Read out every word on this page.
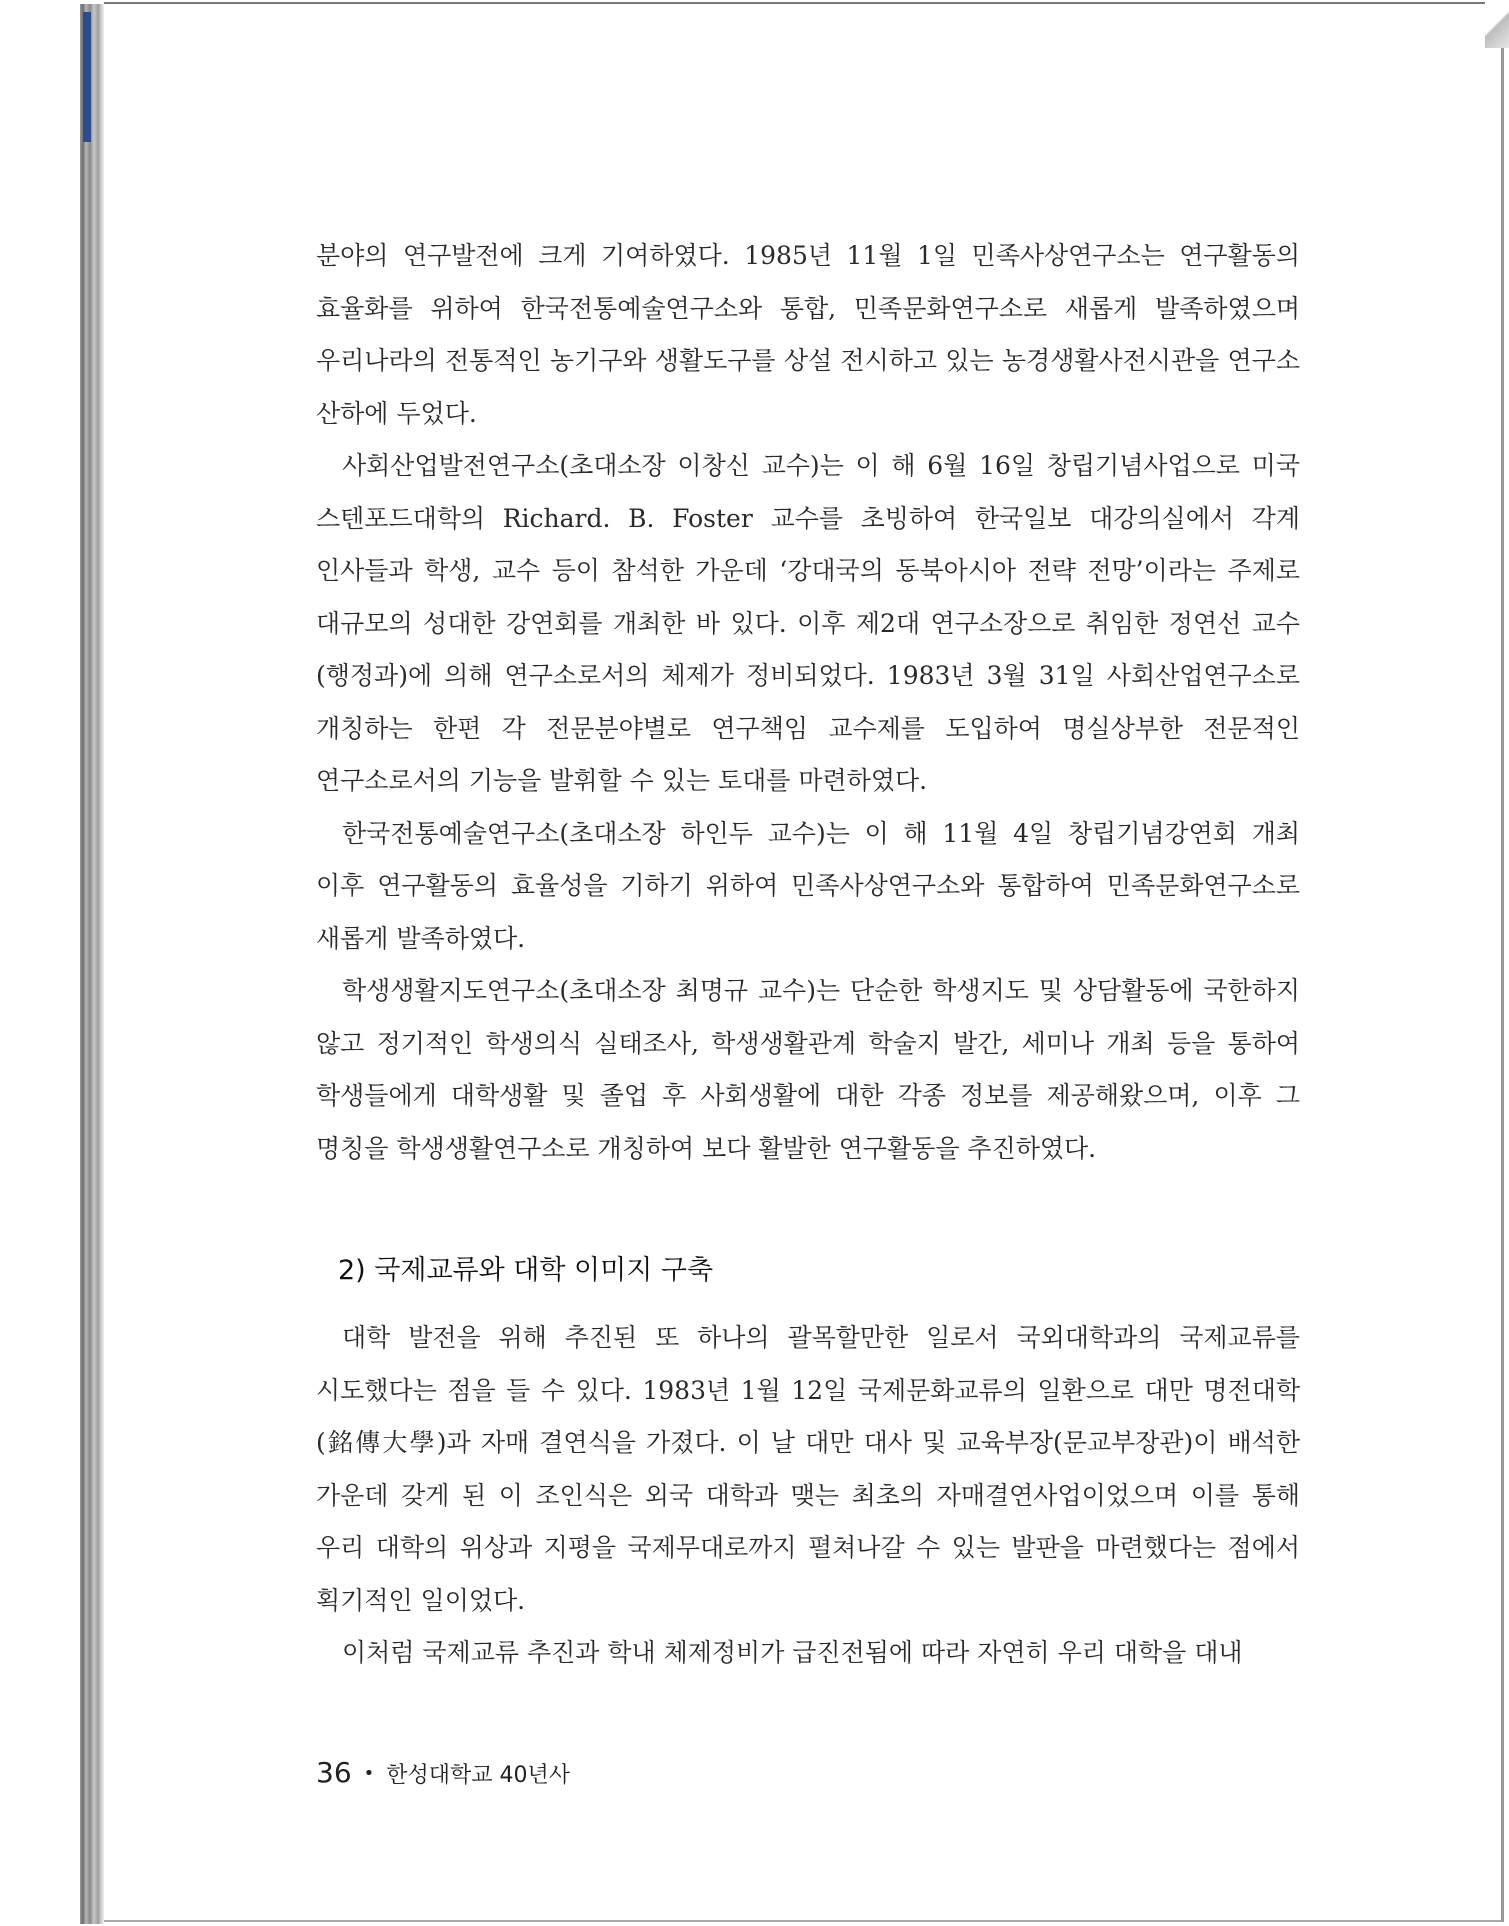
분야의 연구발전에 크게 기여하였다. 1985년 11월 1일 민족사상연구소는 연구활동의 효율화를 위하여 한국전통예술연구소와 통합, 민족문화연구소로 새롭게 발족하였으며 우리나라의 전통적인 농기구와 생활도구를 상설 전시하고 있는 농경생활사전시관을 연구소 산하에 두었다.

사회산업발전연구소(초대소장 이창신 교수)는 이 해 6월 16일 창립기념사업으로 미국 스텐포드대학의 Richard. B. Foster 교수를 초빙하여 한국일보 대강의실에서 각계 인사들과 학생, 교수 등이 참석한 가운데 ‘강대국의 동북아시아 전략 전망’이라는 주제로 대규모의 성대한 강연회를 개최한 바 있다. 이후 제2대 연구소장으로 취임한 정연선 교수(행정과)에 의해 연구소로서의 체제가 정비되었다. 1983년 3월 31일 사회산업연구소로 개칭하는 한편 각 전문분야별로 연구책임 교수제를 도입하여 명실상부한 전문적인 연구소로서의 기능을 발휘할 수 있는 토대를 마련하였다.

한국전통예술연구소(초대소장 하인두 교수)는 이 해 11월 4일 창립기념강연회 개최 이후 연구활동의 효율성을 기하기 위하여 민족사상연구소와 통합하여 민족문화연구소로 새롭게 발족하였다.

학생생활지도연구소(초대소장 최명규 교수)는 단순한 학생지도 및 상담활동에 국한하지 않고 정기적인 학생의식 실태조사, 학생생활관계 학술지 발간, 세미나 개최 등을 통하여 학생들에게 대학생활 및 졸업 후 사회생활에 대한 각종 정보를 제공해왔으며, 이후 그 명칭을 학생생활연구소로 개칭하여 보다 활발한 연구활동을 추진하였다.

2) 국제교류와 대학 이미지 구축

대학 발전을 위해 추진된 또 하나의 괄목할만한 일로서 국외대학과의 국제교류를 시도했다는 점을 들 수 있다. 1983년 1월 12일 국제문화교류의 일환으로 대만 명전대학(銘傳大學)과 자매 결연식을 가졌다. 이 날 대만 대사 및 교육부장(문교부장관)이 배석한 가운데 갖게 된 이 조인식은 외국 대학과 맺는 최초의 자매결연사업이었으며 이를 통해 우리 대학의 위상과 지평을 국제무대로까지 펼쳐나갈 수 있는 발판을 마련했다는 점에서 획기적인 일이었다.

이처럼 국제교류 추진과 학내 체제정비가 급진전됨에 따라 자연히 우리 대학을 대내

36 • 한성대학교 40년사
